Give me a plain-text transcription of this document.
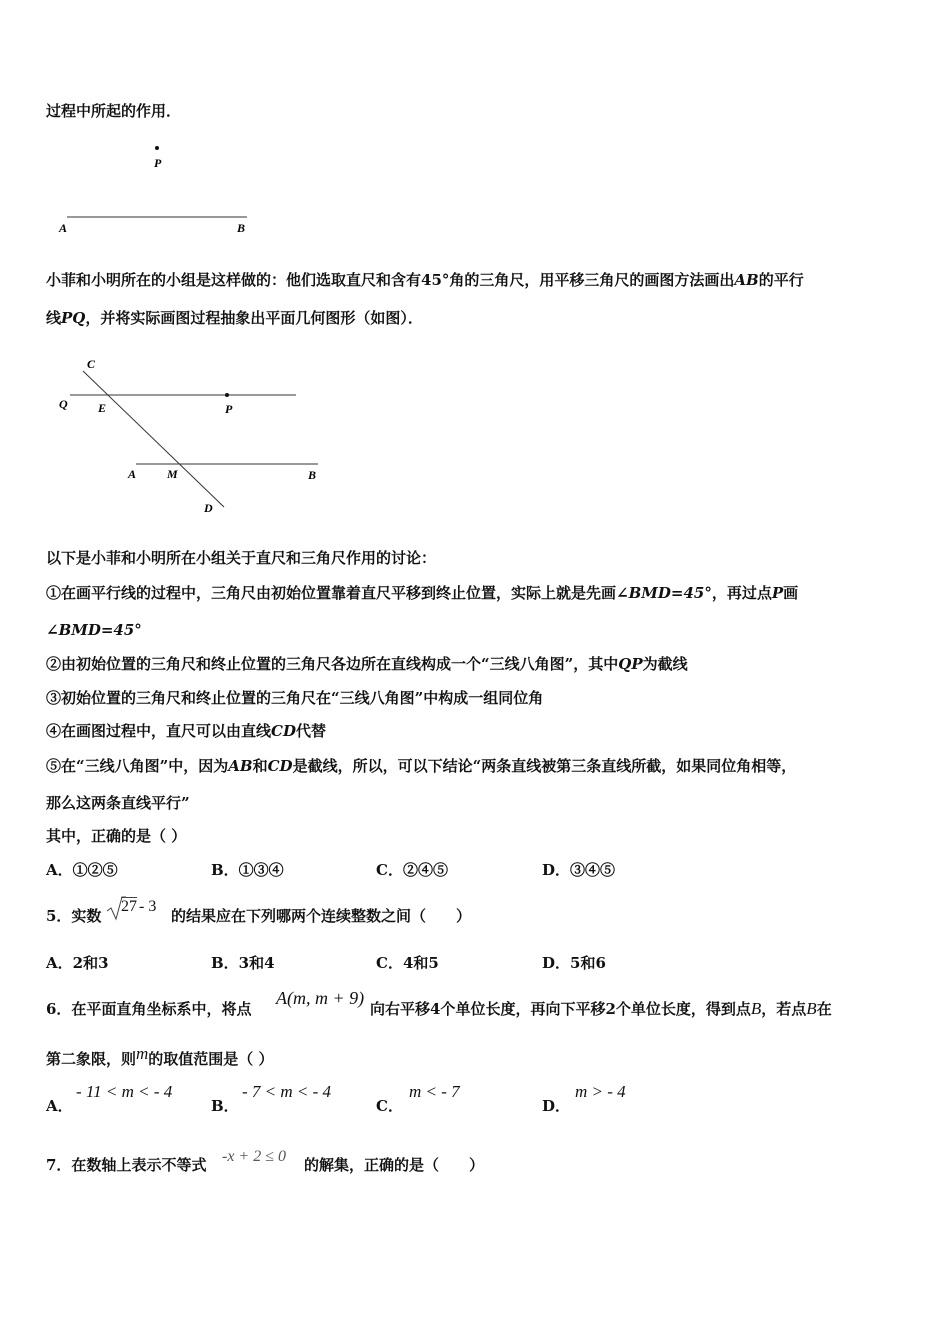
过程中所起的作用．
P
A	B
小菲和小明所在的小组是这样做的：他们选取直尺和含有45°角的三角尺，用平移三角尺的画图方法画出AB的平行
线PQ，并将实际画图过程抽象出平面几何图形（如图）．
C
Q	E	P
A	M	B
D
以下是小菲和小明所在小组关于直尺和三角尺作用的讨论：
①在画平行线的过程中，三角尺由初始位置靠着直尺平移到终止位置，实际上就是先画∠BMD=45°，再过点P画
∠BMD=45°
②由初始位置的三角尺和终止位置的三角尺各边所在直线构成一个“三线八角图”，其中QP为截线
③初始位置的三角尺和终止位置的三角尺在“三线八角图”中构成一组同位角
④在画图过程中，直尺可以由直线CD代替
⑤在“三线八角图”中，因为AB和CD是截线，所以，可以下结论“两条直线被第三条直线所截，如果同位角相等，
那么这两条直线平行”
其中，正确的是（ ）
A．①②⑤	B．①③④	C．②④⑤	D．③④⑤
5．实数
27 - 3
的结果应在下列哪两个连续整数之间（　　）
A．2和3	B．3和4	C．4和5	D．5和6
6．在平面直角坐标系中，将点
A(m, m + 9)
向右平移4个单位长度，再向下平移2个单位长度，得到点B，若点B在
第二象限，则m的取值范围是（ ）
A．
- 11 < m < - 4
B．
- 7 < m < - 4
C．
m < - 7
D．
m > - 4
7．在数轴上表示不等式 -x + 2 ≤ 0 的解集，正确的是（　　）
